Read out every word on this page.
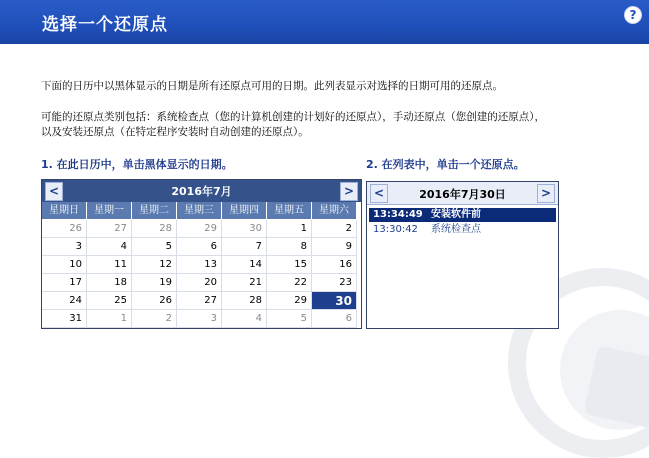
选择一个还原点	?
下面的日历中以黑体显示的日期是所有还原点可用的日期。此列表显示对选择的日期可用的还原点。
可能的还原点类别包括：系统检查点（您的计算机创建的计划好的还原点），手动还原点（您创建的还原点），
以及安装还原点（在特定程序安装时自动创建的还原点）。
1. 在此日历中，单击黑体显示的日期。	2. 在列表中，单击一个还原点。
2016年7月
<	>
星期日	星期一	星期二	星期三	星期四	星期五	星期六
26	27	28	29	30	1	2
3	4	5	6	7	8	9
10	11	12	13	14	15	16
17	18	19	20	21	22	23
24	25	26	27	28	29	30
31	1	2	3	4	5	6
2016年7月30日
<	>
13:34:49 安装软件前
13:30:42 系统检查点
